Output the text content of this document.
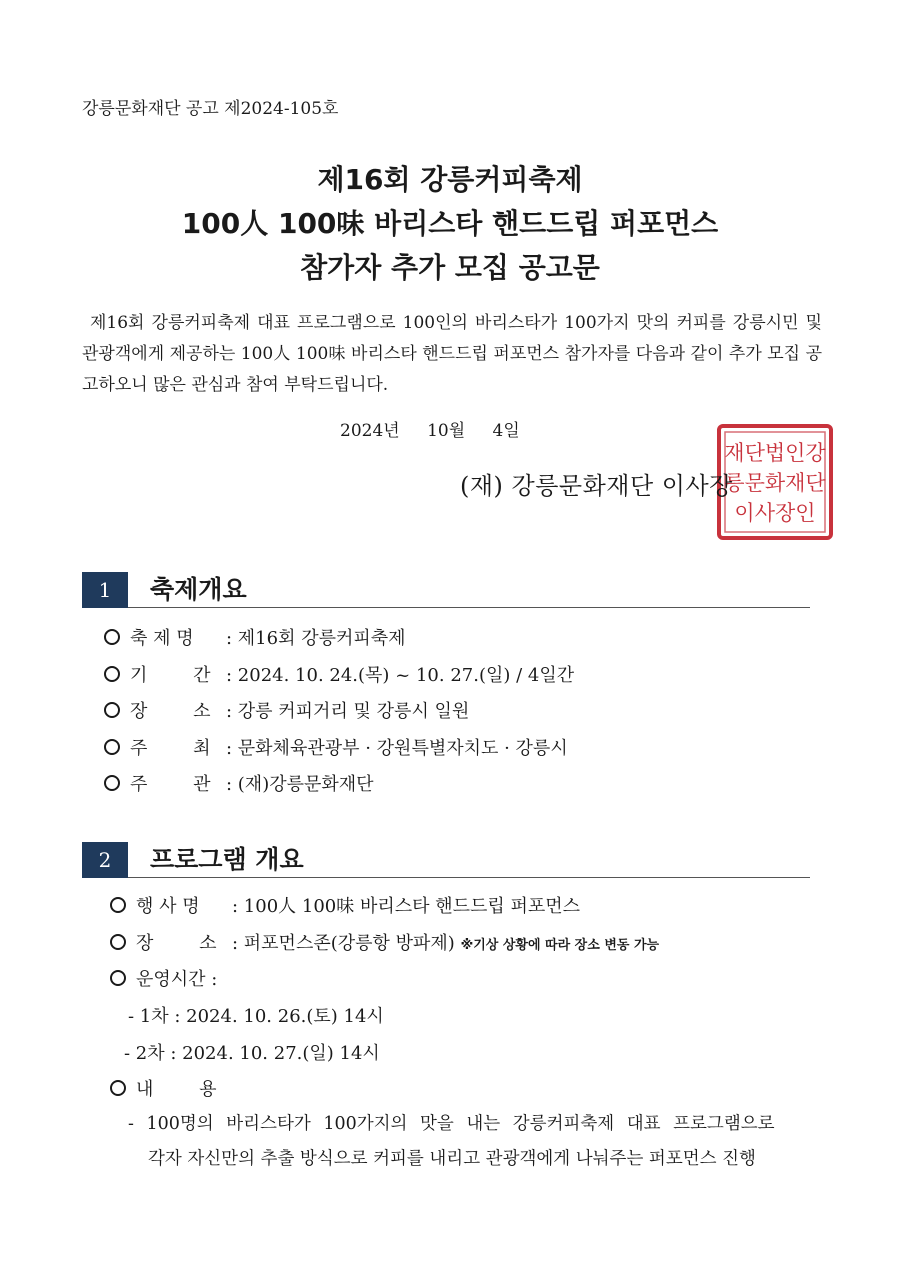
강릉문화재단 공고 제2024-105호
제16회 강릉커피축제
100人 100味 바리스타 핸드드립 퍼포먼스
참가자 추가 모집 공고문
제16회 강릉커피축제 대표 프로그램으로 100인의 바리스타가 100가지 맛의 커피를 강릉시민 및 관광객에게 제공하는 100人 100味 바리스타 핸드드립 퍼포먼스 참가자를 다음과 같이 추가 모집 공고하오니 많은 관심과 참여 부탁드립니다.
2024년 10월 4일
재단법인강
릉문화재단
이사장인
(재) 강릉문화재단 이사장
1	축제개요
축 제 명 : 제16회 강릉커피축제
기 간 : 2024. 10. 24.(목) ~ 10. 27.(일) / 4일간
장 소 : 강릉 커피거리 및 강릉시 일원
주 최 : 문화체육관광부 · 강원특별자치도 · 강릉시
주 관 : (재)강릉문화재단
2	프로그램 개요
행 사 명 : 100人 100味 바리스타 핸드드립 퍼포먼스
장 소 : 퍼포먼스존(강릉항 방파제) ※기상 상황에 따라 장소 변동 가능
운영시간 :
- 1차 : 2024. 10. 26.(토) 14시
- 2차 : 2024. 10. 27.(일) 14시
내 용
- 100명의 바리스타가 100가지의 맛을 내는 강릉커피축제 대표 프로그램으로
각자 자신만의 추출 방식으로 커피를 내리고 관광객에게 나눠주는 퍼포먼스 진행
